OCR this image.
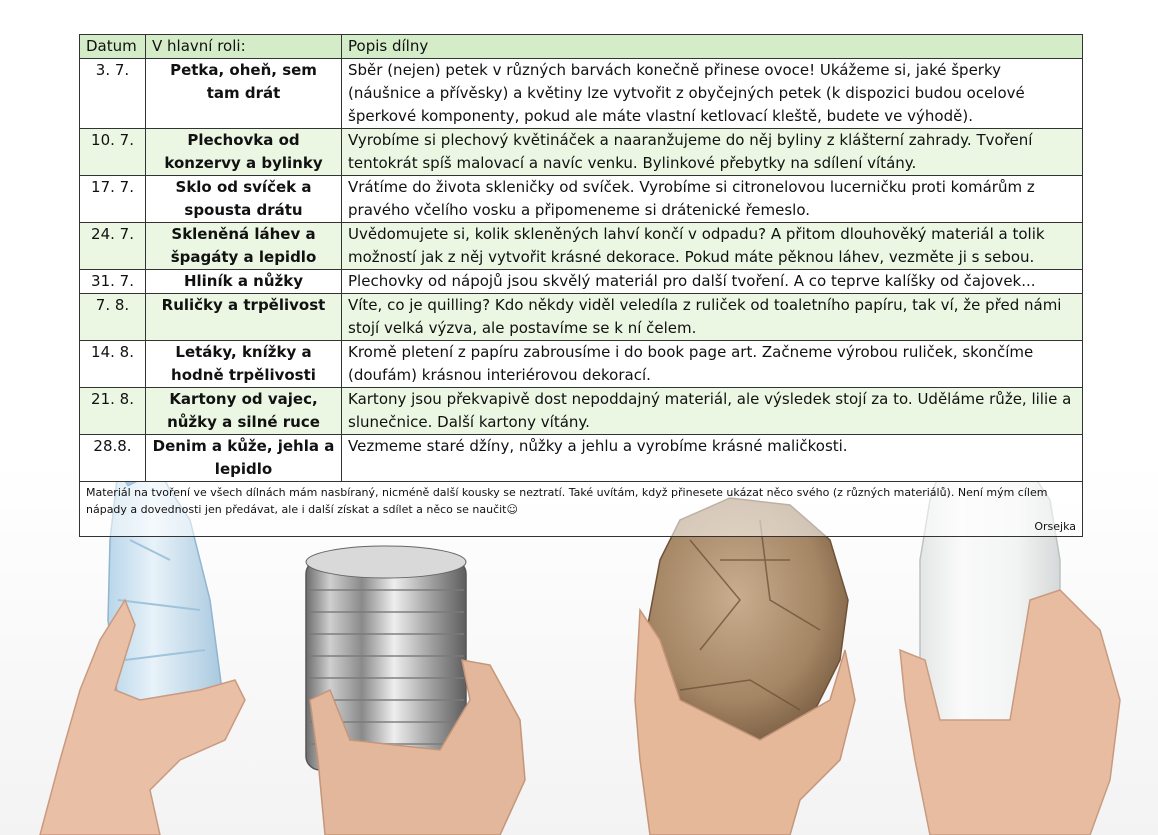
Datum	V hlavní roli:	Popis dílny
3. 7.	Petka, oheň, sem tam drát	Sběr (nejen) petek v různých barvách konečně přinese ovoce! Ukážeme si, jaké šperky (náušnice a přívěsky) a květiny lze vytvořit z obyčejných petek (k dispozici budou ocelové šperkové komponenty, pokud ale máte vlastní ketlovací kleště, budete ve výhodě).
10. 7.	Plechovka od konzervy a bylinky	Vyrobíme si plechový květináček a naaranžujeme do něj byliny z klášterní zahrady. Tvoření tentokrát spíš malovací a navíc venku. Bylinkové přebytky na sdílení vítány.
17. 7.	Sklo od svíček a spousta drátu	Vrátíme do života skleničky od svíček. Vyrobíme si citronelovou lucerničku proti komárům z pravého včelího vosku a připomeneme si drátenické řemeslo.
24. 7.	Skleněná láhev a špagáty a lepidlo	Uvědomujete si, kolik skleněných lahví končí v odpadu? A přitom dlouhověký materiál a tolik možností jak z něj vytvořit krásné dekorace. Pokud máte pěknou láhev, vezměte ji s sebou.
31. 7.	Hliník a nůžky	Plechovky od nápojů jsou skvělý materiál pro další tvoření. A co teprve kalíšky od čajovek...
7. 8.	Ruličky a trpělivost	Víte, co je quilling? Kdo někdy viděl veledíla z ruliček od toaletního papíru, tak ví, že před námi stojí velká výzva, ale postavíme se k ní čelem.
14. 8.	Letáky, knížky a hodně trpělivosti	Kromě pletení z papíru zabrousíme i do book page art. Začneme výrobou ruliček, skončíme (doufám) krásnou interiérovou dekorací.
21. 8.	Kartony od vajec, nůžky a silné ruce	Kartony jsou překvapivě dost nepoddajný materiál, ale výsledek stojí za to. Uděláme růže, lilie a slunečnice. Další kartony vítány.
28.8.	Denim a kůže, jehla a lepidlo	Vezmeme staré džíny, nůžky a jehlu a vyrobíme krásné maličkosti.
Materiál na tvoření ve všech dílnách mám nasbíraný, nicméně další kousky se neztratí. Také uvítám, když přinesete ukázat něco svého (z různých materiálů). Není mým cílem nápady a dovednosti jen předávat, ale i další získat a sdílet a něco se naučit☺
Orsejka		
